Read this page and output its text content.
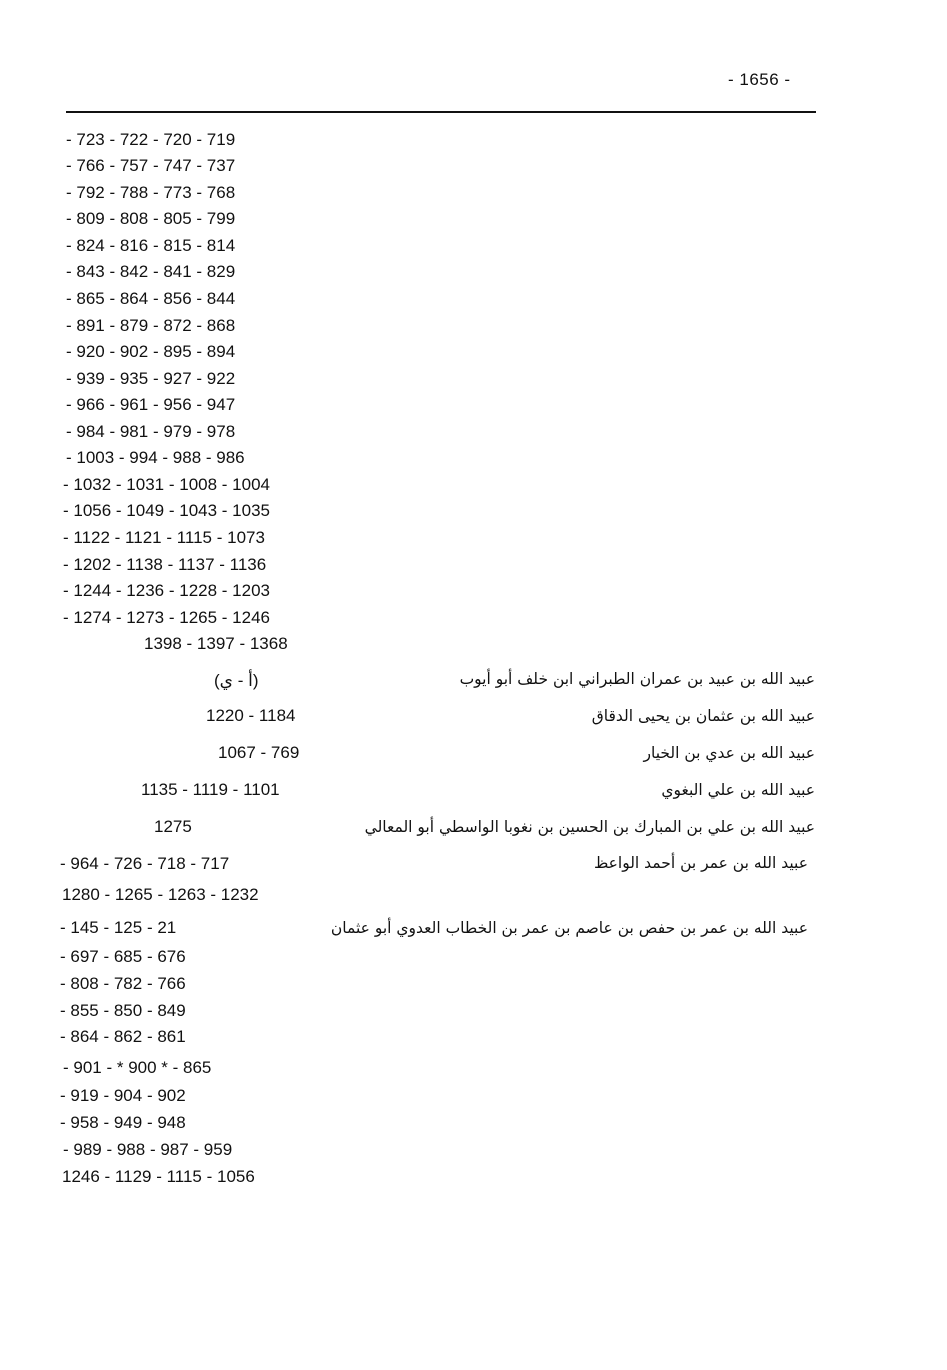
- 1656 -
- 723 - 722 - 720 - 719
- 766 - 757 - 747 - 737
- 792 - 788 - 773 - 768
- 809 - 808 - 805 - 799
- 824 - 816 - 815 - 814
- 843 - 842 - 841 - 829
- 865 - 864 - 856 - 844
- 891 - 879 - 872 - 868
- 920 - 902 - 895 - 894
- 939 - 935 - 927 - 922
- 966 - 961 - 956 - 947
- 984 - 981 - 979 - 978
- 1003 - 994 - 988 - 986
- 1032 - 1031 - 1008 - 1004
- 1056 - 1049 - 1043 - 1035
- 1122 - 1121 - 1115 - 1073
- 1202 - 1138 - 1137 - 1136
- 1244 - 1236 - 1228 - 1203
- 1274 - 1273 - 1265 - 1246
1398 - 1397 - 1368
عبيد الله بن عبيد بن عمران الطبراني ابن خلف أبو أيوب
(أ - ي)
عبيد الله بن عثمان بن يحيى الدقاق
1220 - 1184
عبيد الله بن عدي بن الخيار
1067 - 769
عبيد الله بن علي البغوي
1135 - 1119 - 1101
عبيد الله بن علي بن المبارك بن الحسين بن نغوبا الواسطي أبو المعالي
1275
عبيد الله بن عمر بن أحمد الواعظ
- 964 - 726 - 718 - 717
1280 - 1265 - 1263 - 1232
عبيد الله بن عمر بن حفص بن عاصم بن عمر بن الخطاب العدوي أبو عثمان
- 145 - 125 - 21
- 697 - 685 - 676
- 808 - 782 - 766
- 855 - 850 - 849
- 864 - 862 - 861
- 901 - * 900 * - 865
- 919 - 904 - 902
- 958 - 949 - 948
- 989 - 988 - 987 - 959
1246 - 1129 - 1115 - 1056
